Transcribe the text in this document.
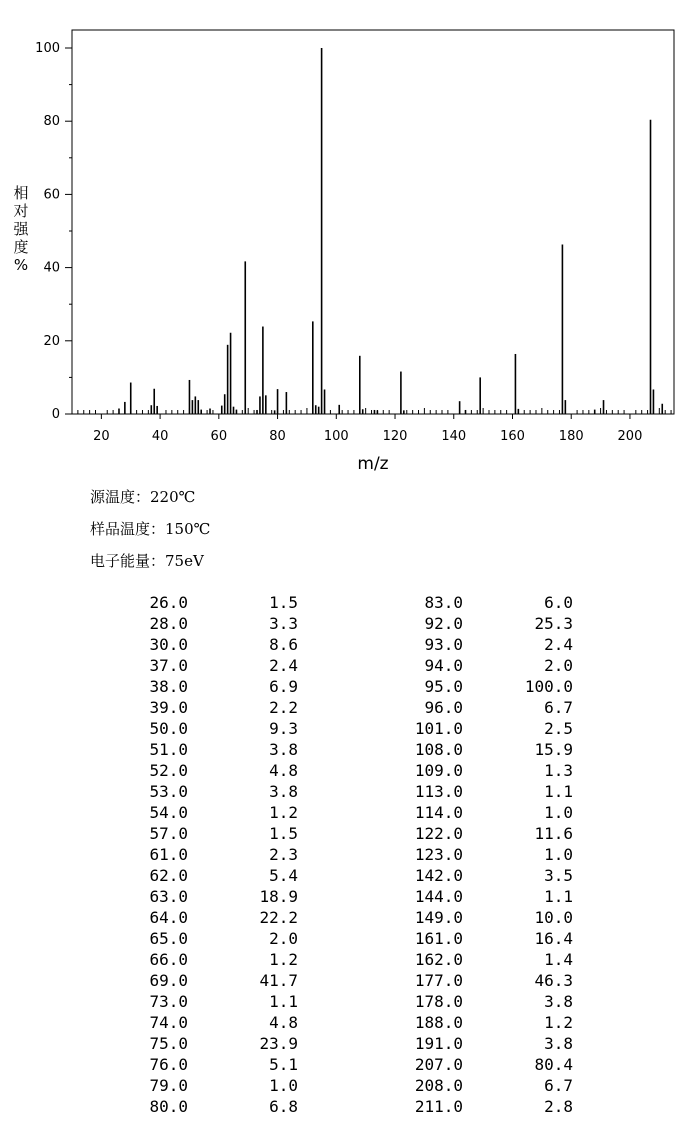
20	40	60	80	100	120	140	160	180	200
0
20
40
60
80
100
m/z
相对强度%
源温度：220℃
样品温度：150℃
电子能量：75eV
26.0	1.5	83.0	6.0
28.0	3.3	92.0	25.3
30.0	8.6	93.0	2.4
37.0	2.4	94.0	2.0
38.0	6.9	95.0	100.0
39.0	2.2	96.0	6.7
50.0	9.3	101.0	2.5
51.0	3.8	108.0	15.9
52.0	4.8	109.0	1.3
53.0	3.8	113.0	1.1
54.0	1.2	114.0	1.0
57.0	1.5	122.0	11.6
61.0	2.3	123.0	1.0
62.0	5.4	142.0	3.5
63.0	18.9	144.0	1.1
64.0	22.2	149.0	10.0
65.0	2.0	161.0	16.4
66.0	1.2	162.0	1.4
69.0	41.7	177.0	46.3
73.0	1.1	178.0	3.8
74.0	4.8	188.0	1.2
75.0	23.9	191.0	3.8
76.0	5.1	207.0	80.4
79.0	1.0	208.0	6.7
80.0	6.8	211.0	2.8
